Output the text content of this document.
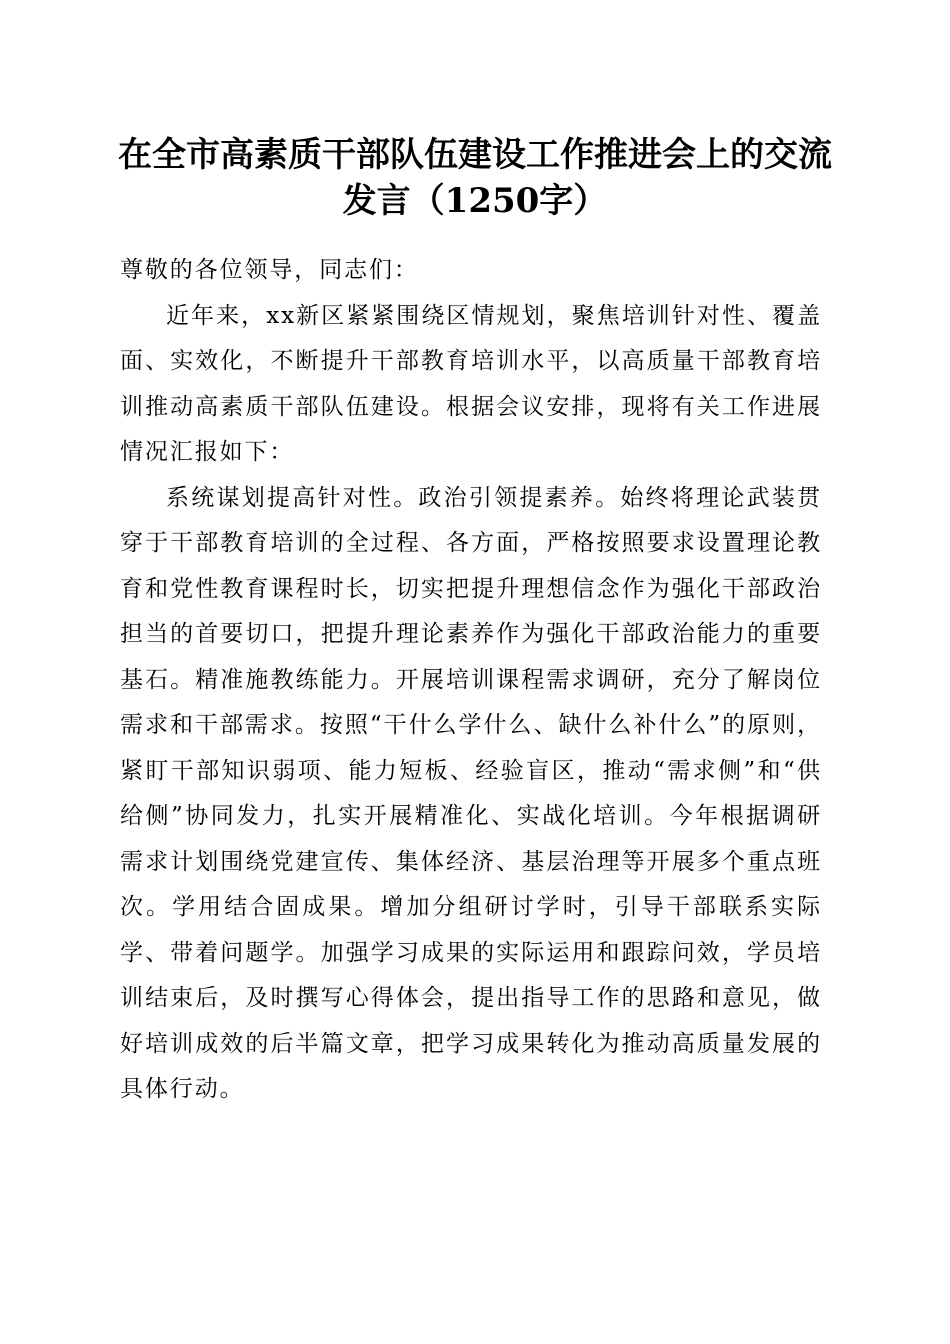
在全市高素质干部队伍建设工作推进会上的交流发言（1250字）

尊敬的各位领导，同志们：

近年来，xx新区紧紧围绕区情规划，聚焦培训针对性、覆盖面、实效化，不断提升干部教育培训水平，以高质量干部教育培训推动高素质干部队伍建设。根据会议安排，现将有关工作进展情况汇报如下：

系统谋划提高针对性。政治引领提素养。始终将理论武装贯穿于干部教育培训的全过程、各方面，严格按照要求设置理论教育和党性教育课程时长，切实把提升理想信念作为强化干部政治担当的首要切口，把提升理论素养作为强化干部政治能力的重要基石。精准施教练能力。开展培训课程需求调研，充分了解岗位需求和干部需求。按照“干什么学什么、缺什么补什么”的原则，紧盯干部知识弱项、能力短板、经验盲区，推动“需求侧”和“供给侧”协同发力，扎实开展精准化、实战化培训。今年根据调研需求计划围绕党建宣传、集体经济、基层治理等开展多个重点班次。学用结合固成果。增加分组研讨学时，引导干部联系实际学、带着问题学。加强学习成果的实际运用和跟踪问效，学员培训结束后，及时撰写心得体会，提出指导工作的思路和意见，做好培训成效的后半篇文章，把学习成果转化为推动高质量发展的具体行动。
